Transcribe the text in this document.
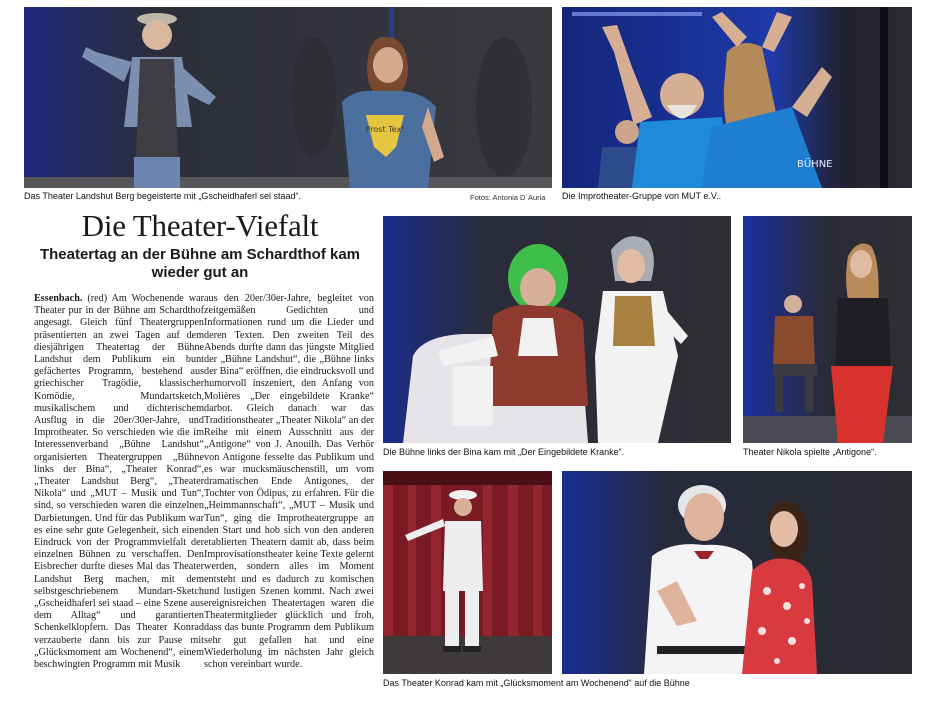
Prost Tex!
Das Theater Landshut Berg begeisterte mit „Gscheidhaferl sei staad“.	Fotos: Antonia D´Auria
BÜHNE
Die Improtheater-Gruppe von MUT e.V..
Die Theater-Viefalt
Theatertag an der Bühne am Schardthof kam wieder gut an

Essenbach. (red) Am Wochenende war Theater pur in der Bühne am Schardthof angesagt. Gleich fünf Theatergruppen präsentierten an zwei Tagen auf dem diesjährigen Theatertag der Bühne Landshut dem Publikum ein bunt gefächertes Programm, bestehend aus griechischer Tragödie, klassischer Komödie, Mundartsketch, musikalischem und dichterischem Ausflug in die 20er/30er-Jahre, und Improtheater. So verschieden wie die im Interessenverband „Bühne Landshut“ organisierten Theatergruppen „Bühne links der Bina“, „Theater Konrad“, „Theater Landshut Berg“, „Theater Nikola“ und „MUT – Musik und Tun“, sind, so verschieden waren die einzelnen Darbietungen. Und für das Publikum war es eine sehr gute Gelegenheit, sich einen Eindruck von der Programmvielfalt der einzelnen Bühnen zu verschaffen. Den Eisbrecher durfte dieses Mal das Theater Landshut Berg machen, mit dem selbstgeschriebenem Mundart-Sketch „Gscheidhaferl sei staad – eine Szene aus dem Alltag“ und garantierten Schenkelklopfern. Das Theater Konrad verzauberte dann bis zur Pause mit „Glücksmoment am Wochenend“, einem beschwingten Programm mit Musik

aus den 20er/30er-Jahre, begleitet von zeitgemäßen Gedichten und Informationen rund um die Lieder und deren Texten. Den zweiten Teil des Abends durfte dann das jüngste Mitglied der „Bühne Landshut“, die „Bühne links der Bina“ eröffnen, die eindrucksvoll und humorvoll inszeniert, den Anfang von Molières „Der eingebildete Kranke“ darbot. Gleich danach war das Traditionstheater „Theater Nikola“ an der Reihe mit einem Ausschnitt aus der „Antigone“ von J. Anouilh. Das Verhör von Antigone fesselte das Publikum und es war mucksmäuschenstill, um vom dramatischen Ende Antigones, der Tochter von Ödipus, zu erfahren. Für die „Heimmannschaft“, „MUT – Musik und Tun“, ging die Improtheatergruppe an den Start und hob sich von den anderen etablierten Theatern damit ab, dass beim Improvisationstheater keine Texte gelernt werden, sondern alles im Moment entsteht und es dadurch zu komischen und lustigen Szenen kommt. Nach zwei ereignisreichen Theatertagen waren die Theatermitglieder glücklich und froh, dass das bunte Programm dem Publikum sehr gut gefallen hat und eine Wiederholung im nächsten Jahr gleich schon vereinbart wurde.

Die Bühne links der Bina kam mit „Der Eingebildete Kranke“.	Theater Nikola spielte „Antigone“.
Das Theater Konrad kam mit „Glücksmoment am Wochenend“ auf die Bühne
